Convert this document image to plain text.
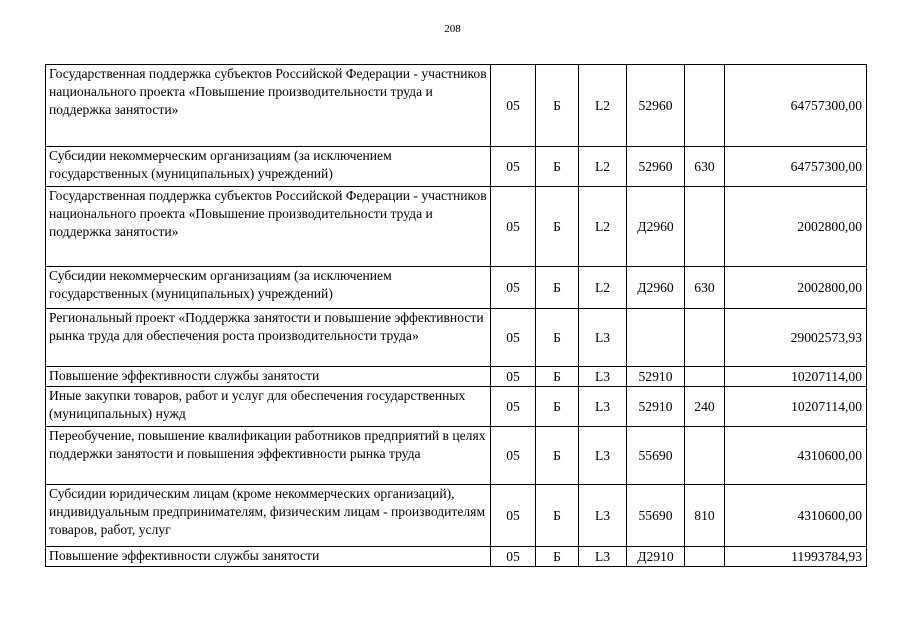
208
Государственная поддержка субъектов Российской Федерации - участников национального проекта «Повышение производительности труда и поддержка занятости»	05	Б	L2	52960		64757300,00
Субсидии некоммерческим организациям (за исключением государственных (муниципальных) учреждений)	05	Б	L2	52960	630	64757300,00
Государственная поддержка субъектов Российской Федерации - участников национального проекта «Повышение производительности труда и поддержка занятости»	05	Б	L2	Д2960		2002800,00
Субсидии некоммерческим организациям (за исключением государственных (муниципальных) учреждений)	05	Б	L2	Д2960	630	2002800,00
Региональный проект «Поддержка занятости и повышение эффективности рынка труда для обеспечения роста производительности труда»	05	Б	L3			29002573,93
Повышение эффективности службы занятости	05	Б	L3	52910		10207114,00
Иные закупки товаров, работ и услуг для обеспечения государственных (муниципальных) нужд	05	Б	L3	52910	240	10207114,00
Переобучение, повышение квалификации работников предприятий в целях поддержки занятости и повышения эффективности рынка труда	05	Б	L3	55690		4310600,00
Субсидии юридическим лицам (кроме некоммерческих организаций), индивидуальным предпринимателям, физическим лицам - производителям товаров, работ, услуг	05	Б	L3	55690	810	4310600,00
Повышение эффективности службы занятости	05	Б	L3	Д2910		11993784,93
